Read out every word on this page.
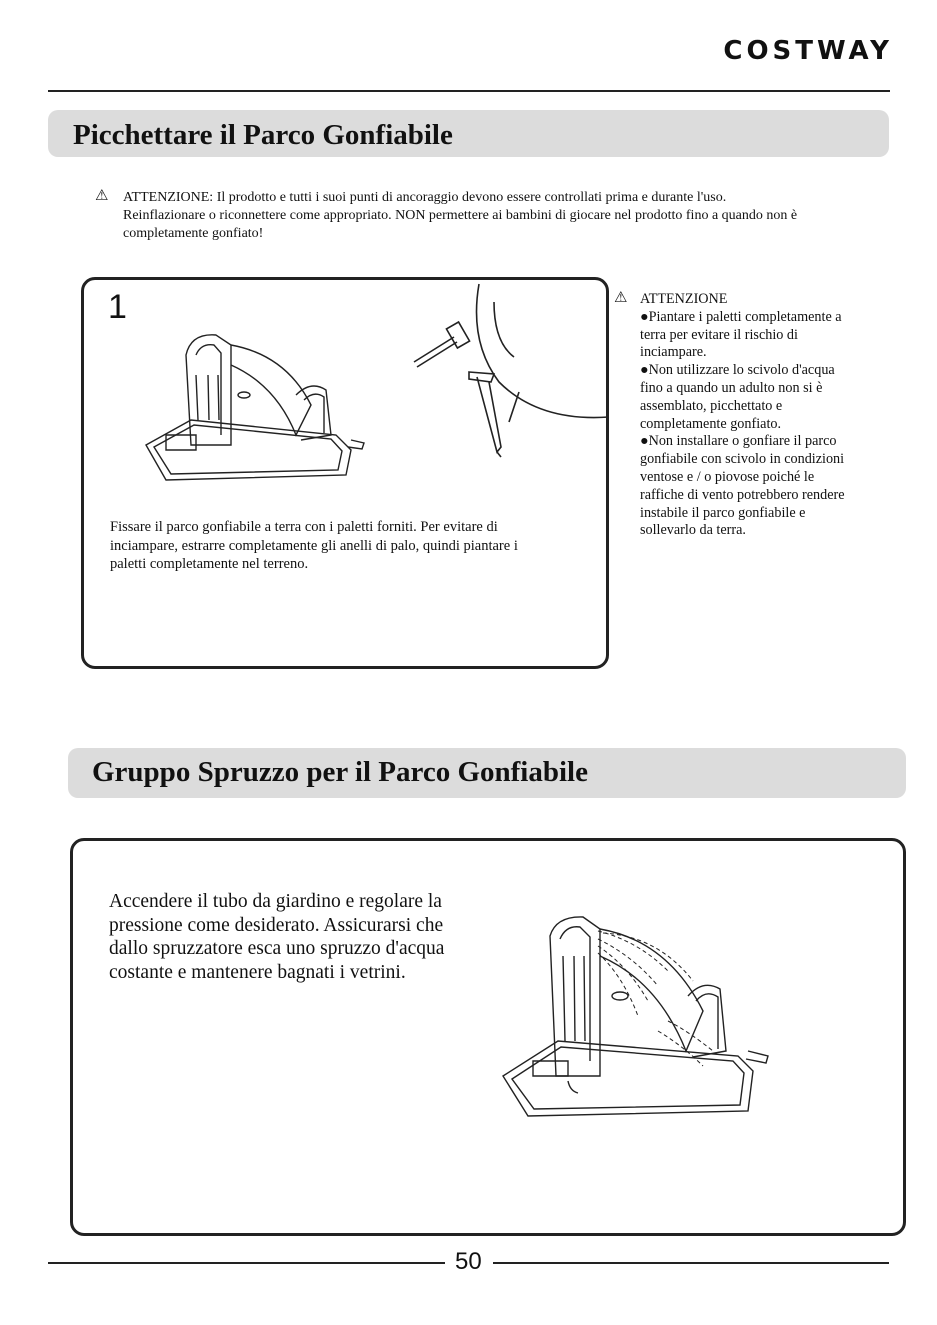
COSTWAY
Picchettare il Parco Gonfiabile
⚠ ATTENZIONE: Il prodotto e tutti i suoi punti di ancoraggio devono essere controllati prima e durante l'uso.
Reinflazionare o riconnettere come appropriato. NON permettere ai bambini di giocare nel prodotto fino a quando non è
completamente gonfiato!
1
Fissare il parco gonfiabile a terra con i paletti forniti. Per evitare di
inciampare, estrarre completamente gli anelli di palo, quindi piantare i
paletti completamente nel terreno.
⚠ ATTENZIONE
●Piantare i paletti completamente a
terra per evitare il rischio di
inciampare.
●Non utilizzare lo scivolo d'acqua
fino a quando un adulto non si è
assemblato, picchettato e
completamente gonfiato.
●Non installare o gonfiare il parco
gonfiabile con scivolo in condizioni
ventose e / o piovose poiché le
raffiche di vento potrebbero rendere
instabile il parco gonfiabile e
sollevarlo da terra.
Gruppo Spruzzo per il Parco Gonfiabile
Accendere il tubo da giardino e regolare la
pressione come desiderato. Assicurarsi che
dallo spruzzatore esca uno spruzzo d'acqua
costante e mantenere bagnati i vetrini.
50
